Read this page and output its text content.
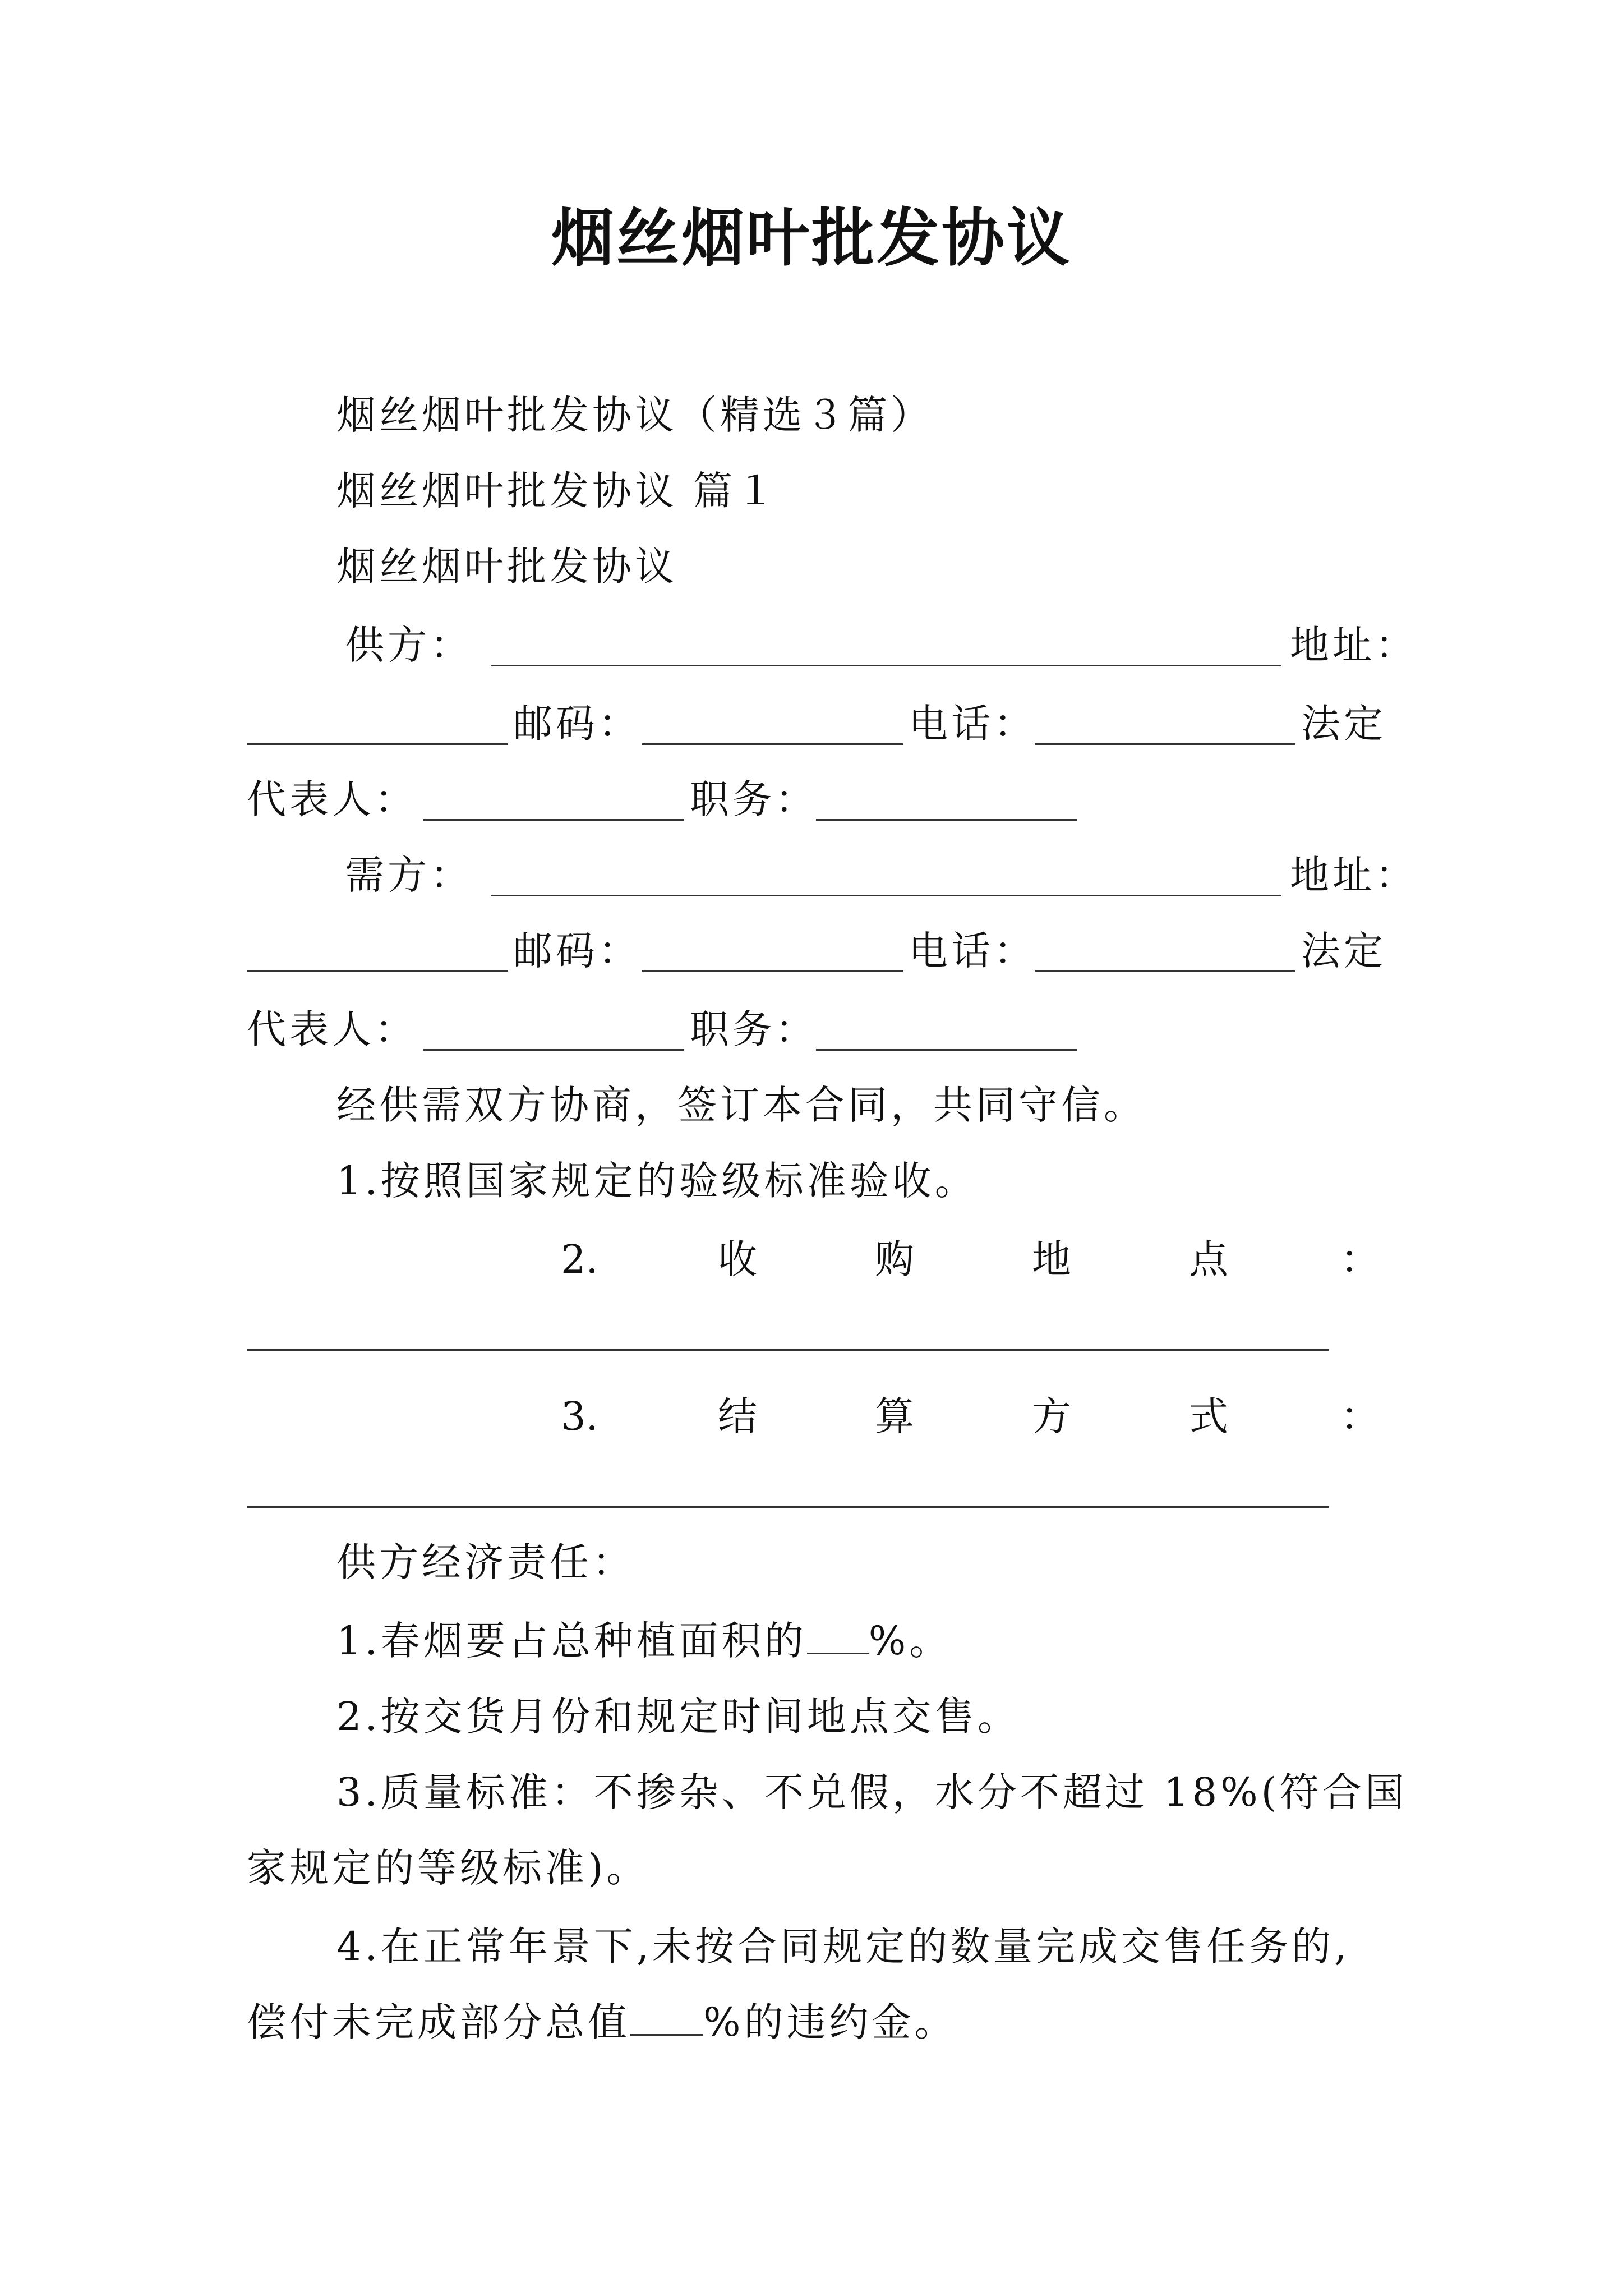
烟丝烟叶批发协议
烟丝烟叶批发协议（精选３篇）
烟丝烟叶批发协议 篇１
烟丝烟叶批发协议
供方：	地址：
邮码：	电话：	法定
代表人：	职务：
需方：	地址：
邮码：	电话：	法定
代表人：	职务：
经供需双方协商，签订本合同，共同守信。
1.按照国家规定的验级标准验收。
2.	收	购	地	点	：
3.	结	算	方	式	：
供方经济责任：
1.春烟要占总种植面积的 %。
2.按交货月份和规定时间地点交售。
3.质量标准：不掺杂、不兑假，水分不超过 18%(符合国
家规定的等级标准)。
4.在正常年景下,未按合同规定的数量完成交售任务的,
偿付未完成部分总值 %的违约金。
